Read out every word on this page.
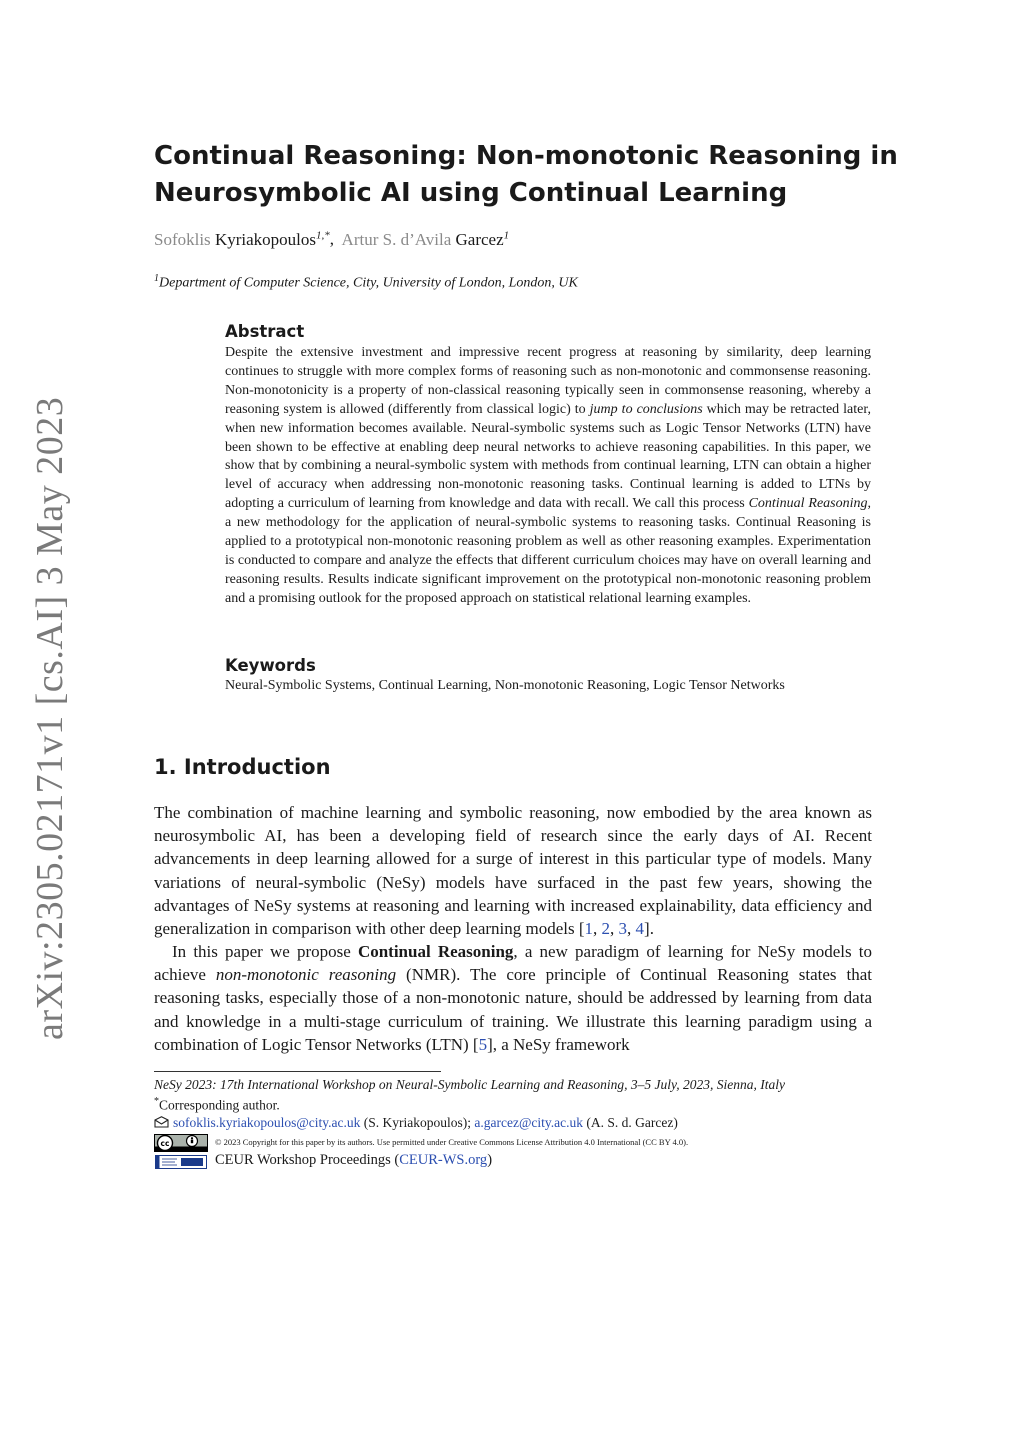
arXiv:2305.02171v1 [cs.AI] 3 May 2023
Continual Reasoning: Non-monotonic Reasoning in Neurosymbolic AI using Continual Learning
Sofoklis Kyriakopoulos$^{1,*}$,  Artur S. d’Avila Garcez$^1$
$^1$Department of Computer Science, City, University of London, London, UK
Abstract

Despite the extensive investment and impressive recent progress at reasoning by similarity, deep learning continues to struggle with more complex forms of reasoning such as non-monotonic and commonsense reasoning. Non-monotonicity is a property of non-classical reasoning typically seen in commonsense reasoning, whereby a reasoning system is allowed (differently from classical logic) to jump to conclusions which may be retracted later, when new information becomes available. Neural-symbolic systems such as Logic Tensor Networks (LTN) have been shown to be effective at enabling deep neural networks to achieve reasoning capabilities. In this paper, we show that by combining a neural-symbolic system with methods from continual learning, LTN can obtain a higher level of accuracy when addressing non-monotonic reasoning tasks. Continual learning is added to LTNs by adopting a curriculum of learning from knowledge and data with recall. We call this process Continual Reasoning, a new methodology for the application of neural-symbolic systems to reasoning tasks. Continual Reasoning is applied to a prototypical non-monotonic reasoning problem as well as other reasoning examples. Experimentation is conducted to compare and analyze the effects that different curriculum choices may have on overall learning and reasoning results. Results indicate significant improvement on the prototypical non-monotonic reasoning problem and a promising outlook for the proposed approach on statistical relational learning examples.

Keywords
Neural-Symbolic Systems, Continual Learning, Non-monotonic Reasoning, Logic Tensor Networks
1. Introduction

The combination of machine learning and symbolic reasoning, now embodied by the area known as neurosymbolic AI, has been a developing field of research since the early days of AI. Recent advancements in deep learning allowed for a surge of interest in this particular type of models. Many variations of neural-symbolic (NeSy) models have surfaced in the past few years, showing the advantages of NeSy systems at reasoning and learning with increased explainability, data efficiency and generalization in comparison with other deep learning models [1, 2, 3, 4].

In this paper we propose Continual Reasoning, a new paradigm of learning for NeSy models to achieve non-monotonic reasoning (NMR). The core principle of Continual Reasoning states that reasoning tasks, especially those of a non-monotonic nature, should be addressed by learning from data and knowledge in a multi-stage curriculum of training. We illustrate this learning paradigm using a combination of Logic Tensor Networks (LTN) [5], a NeSy framework

NeSy 2023: 17th International Workshop on Neural-Symbolic Learning and Reasoning, 3–5 July, 2023, Sienna, Italy
*Corresponding author.
sofoklis.kyriakopoulos@city.ac.uk (S. Kyriakopoulos); a.garcez@city.ac.uk (A. S. d. Garcez)
cc	© 2023 Copyright for this paper by its authors. Use permitted under Creative Commons License Attribution 4.0 International (CC BY 4.0).
CEUR Workshop Proceedings (CEUR-WS.org)
